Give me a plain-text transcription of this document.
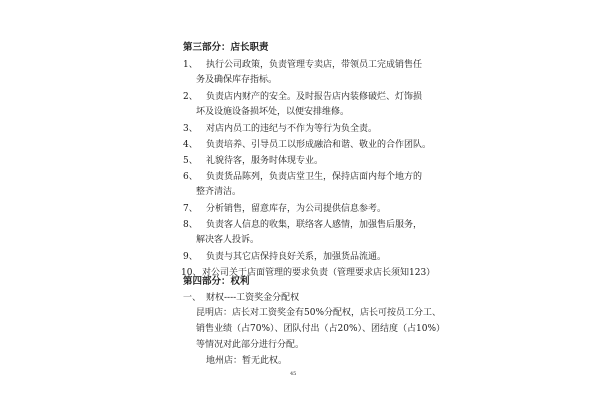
第三部分：店长职责
1、 执行公司政策，负责管理专卖店，带领员工完成销售任
务及确保库存指标。
2、 负责店内财产的安全。及时报告店内装修破烂、灯饰损
坏及设施设备损坏处，以便安排维修。
3、 对店内员工的违纪与不作为等行为负全责。
4、 负责培养、引导员工以形成融洽和谐、敬业的合作团队。
5、 礼貌待客，服务时体现专业。
6、 负责货品陈列，负责店堂卫生，保持店面内每个地方的
整齐清洁。
7、 分析销售，留意库存，为公司提供信息参考。
8、 负责客人信息的收集，联络客人感情，加强售后服务，
解决客人投诉。
9、 负责与其它店保持良好关系，加强货品流通。
10、 对公司关于店面管理的要求负责（管理要求店长须知123）
第四部分：权利
一、 财权----工资奖金分配权
昆明店：店长对工资奖金有50%分配权，店长可按员工分工、
销售业绩（占70%）、团队付出（占20%）、团结度（占10%）
等情况对此部分进行分配。
45
地州店：暂无此权。
